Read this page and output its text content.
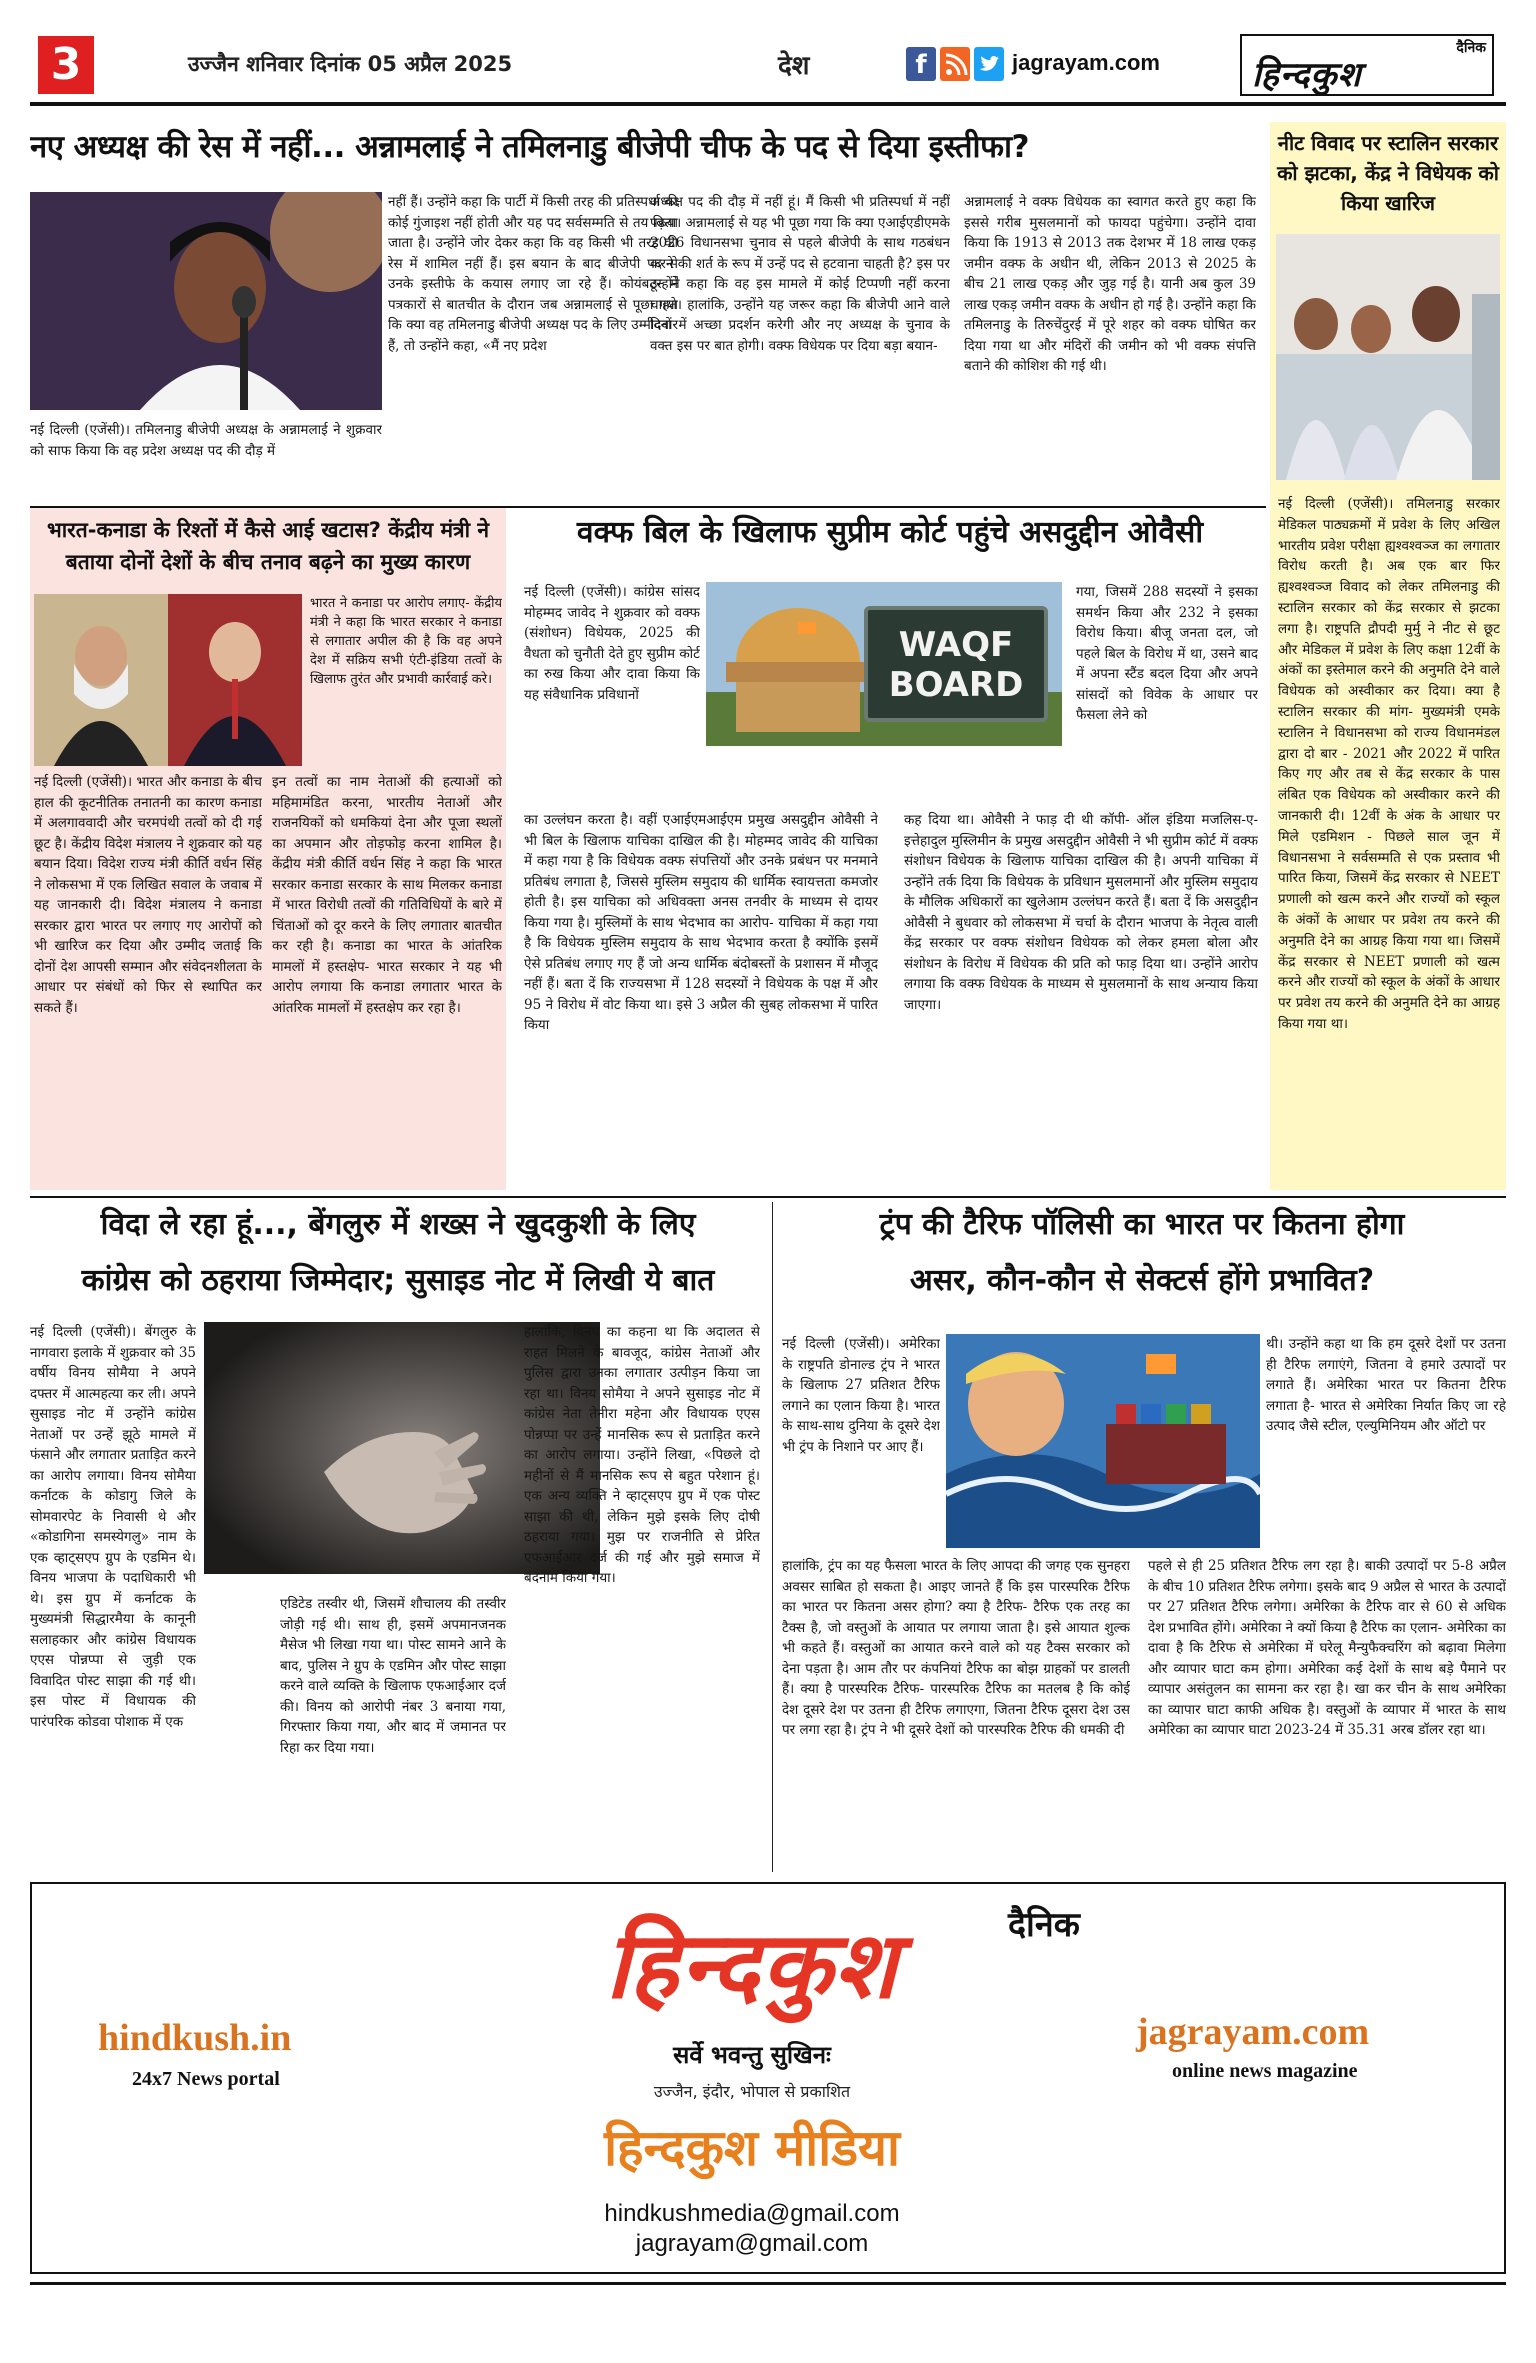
3	उज्जैन शनिवार दिनांक 05 अप्रैल 2025	देश	f	jagrayam.com
दैनिक
हिन्दकुश
नए अध्यक्ष की रेस में नहीं... अन्नामलाई ने तमिलनाडु बीजेपी चीफ के पद से दिया इस्तीफा?
नई दिल्ली (एजेंसी)। तमिलनाडु बीजेपी अध्यक्ष के अन्नामलाई ने शुक्रवार को साफ किया कि वह प्रदेश अध्यक्ष पद की दौड़ में
नहीं हैं। उन्होंने कहा कि पार्टी में किसी तरह की प्रतिस्पर्धा की कोई गुंजाइश नहीं होती और यह पद सर्वसम्मति से तय किया जाता है। उन्होंने जोर देकर कहा कि वह किसी भी तरह की रेस में शामिल नहीं हैं। इस बयान के बाद बीजेपी पद से उनके इस्तीफे के कयास लगाए जा रहे हैं। कोयंबटूर में पत्रकारों से बातचीत के दौरान जब अन्नामलाई से पूछा गया कि क्या वह तमिलनाडु बीजेपी अध्यक्ष पद के लिए उम्मीदवार हैं, तो उन्होंने कहा, «मैं नए प्रदेश
अध्यक्ष पद की दौड़ में नहीं हूं। मैं किसी भी प्रतिस्पर्धा में नहीं पड़ता। अन्नामलाई से यह भी पूछा गया कि क्या एआईएडीएमके 2026 विधानसभा चुनाव से पहले बीजेपी के साथ गठबंधन करने की शर्त के रूप में उन्हें पद से हटवाना चाहती है? इस पर उन्होंने कहा कि वह इस मामले में कोई टिप्पणी नहीं करना चाहते। हालांकि, उन्होंने यह जरूर कहा कि बीजेपी आने वाले दिनों में अच्छा प्रदर्शन करेगी और नए अध्यक्ष के चुनाव के वक्त इस पर बात होगी। वक्फ विधेयक पर दिया बड़ा बयान-
अन्नामलाई ने वक्फ विधेयक का स्वागत करते हुए कहा कि इससे गरीब मुसलमानों को फायदा पहुंचेगा। उन्होंने दावा किया कि 1913 से 2013 तक देशभर में 18 लाख एकड़ जमीन वक्फ के अधीन थी, लेकिन 2013 से 2025 के बीच 21 लाख एकड़ और जुड़ गई है। यानी अब कुल 39 लाख एकड़ जमीन वक्फ के अधीन हो गई है। उन्होंने कहा कि तमिलनाडु के तिरुचेंदुरई में पूरे शहर को वक्फ घोषित कर दिया गया था और मंदिरों की जमीन को भी वक्फ संपत्ति बताने की कोशिश की गई थी।
नीट विवाद पर स्टालिन सरकार को झटका, केंद्र ने विधेयक को किया खारिज
नई दिल्ली (एजेंसी)। तमिलनाडु सरकार मेडिकल पाठ्यक्रमों में प्रवेश के लिए अखिल भारतीय प्रवेश परीक्षा ह्यश्वश्वञ्ज का लगातार विरोध करती है। अब एक बार फिर ह्यश्वश्वञ्ज विवाद को लेकर तमिलनाडु की स्टालिन सरकार को केंद्र सरकार से झटका लगा है। राष्ट्रपति द्रौपदी मुर्मु ने नीट से छूट और मेडिकल में प्रवेश के लिए कक्षा 12वीं के अंकों का इस्तेमाल करने की अनुमति देने वाले विधेयक को अस्वीकार कर दिया। क्या है स्टालिन सरकार की मांग- मुख्यमंत्री एमके स्टालिन ने विधानसभा को राज्य विधानमंडल द्वारा दो बार - 2021 और 2022 में पारित किए गए और तब से केंद्र सरकार के पास लंबित एक विधेयक को अस्वीकार करने की जानकारी दी। 12वीं के अंक के आधार पर मिले एडमिशन - पिछले साल जून में विधानसभा ने सर्वसम्मति से एक प्रस्ताव भी पारित किया, जिसमें केंद्र सरकार से NEET प्रणाली को खत्म करने और राज्यों को स्कूल के अंकों के आधार पर प्रवेश तय करने की अनुमति देने का आग्रह किया गया था। जिसमें केंद्र सरकार से NEET प्रणाली को खत्म करने और राज्यों को स्कूल के अंकों के आधार पर प्रवेश तय करने की अनुमति देने का आग्रह किया गया था।
भारत-कनाडा के रिश्तों में कैसे आई खटास? केंद्रीय मंत्री ने बताया दोनों देशों के बीच तनाव बढ़ने का मुख्य कारण
भारत ने कनाडा पर आरोप लगाए- केंद्रीय मंत्री ने कहा कि भारत सरकार ने कनाडा से लगातार अपील की है कि वह अपने देश में सक्रिय सभी एंटी-इंडिया तत्वों के खिलाफ तुरंत और प्रभावी कार्रवाई करे।
नई दिल्ली (एजेंसी)। भारत और कनाडा के बीच हाल की कूटनीतिक तनातनी का कारण कनाडा में अलगाववादी और चरमपंथी तत्वों को दी गई छूट है। केंद्रीय विदेश मंत्रालय ने शुक्रवार को यह बयान दिया। विदेश राज्य मंत्री कीर्ति वर्धन सिंह ने लोकसभा में एक लिखित सवाल के जवाब में यह जानकारी दी। विदेश मंत्रालय ने कनाडा सरकार द्वारा भारत पर लगाए गए आरोपों को भी खारिज कर दिया और उम्मीद जताई कि दोनों देश आपसी सम्मान और संवेदनशीलता के आधार पर संबंधों को फिर से स्थापित कर सकते हैं।
इन तत्वों का नाम नेताओं की हत्याओं को महिमामंडित करना, भारतीय नेताओं और राजनयिकों को धमकियां देना और पूजा स्थलों का अपमान और तोड़फोड़ करना शामिल है। केंद्रीय मंत्री कीर्ति वर्धन सिंह ने कहा कि भारत सरकार कनाडा सरकार के साथ मिलकर कनाडा में भारत विरोधी तत्वों की गतिविधियों के बारे में चिंताओं को दूर करने के लिए लगातार बातचीत कर रही है। कनाडा का भारत के आंतरिक मामलों में हस्तक्षेप- भारत सरकार ने यह भी आरोप लगाया कि कनाडा लगातार भारत के आंतरिक मामलों में हस्तक्षेप कर रहा है।
वक्फ बिल के खिलाफ सुप्रीम कोर्ट पहुंचे असदुद्दीन ओवैसी
नई दिल्ली (एजेंसी)। कांग्रेस सांसद मोहम्मद जावेद ने शुक्रवार को वक्फ (संशोधन) विधेयक, 2025 की वैधता को चुनौती देते हुए सुप्रीम कोर्ट का रुख किया और दावा किया कि यह संवैधानिक प्रविधानों
WAQF
BOARD
गया, जिसमें 288 सदस्यों ने इसका समर्थन किया और 232 ने इसका विरोध किया। बीजू जनता दल, जो पहले बिल के विरोध में था, उसने बाद में अपना स्टैंड बदल दिया और अपने सांसदों को विवेक के आधार पर फैसला लेने को
का उल्लंघन करता है। वहीं एआईएमआईएम प्रमुख असदुद्दीन ओवैसी ने भी बिल के खिलाफ याचिका दाखिल की है। मोहम्मद जावेद की याचिका में कहा गया है कि विधेयक वक्फ संपत्तियों और उनके प्रबंधन पर मनमाने प्रतिबंध लगाता है, जिससे मुस्लिम समुदाय की धार्मिक स्वायत्तता कमजोर होती है। इस याचिका को अधिवक्ता अनस तनवीर के माध्यम से दायर किया गया है। मुस्लिमों के साथ भेदभाव का आरोप- याचिका में कहा गया है कि विधेयक मुस्लिम समुदाय के साथ भेदभाव करता है क्योंकि इसमें ऐसे प्रतिबंध लगाए गए हैं जो अन्य धार्मिक बंदोबस्तों के प्रशासन में मौजूद नहीं हैं। बता दें कि राज्यसभा में 128 सदस्यों ने विधेयक के पक्ष में और 95 ने विरोध में वोट किया था। इसे 3 अप्रैल की सुबह लोकसभा में पारित किया
कह दिया था। ओवैसी ने फाड़ दी थी कॉपी- ऑल इंडिया मजलिस-ए-इत्तेहादुल मुस्लिमीन के प्रमुख असदुद्दीन ओवैसी ने भी सुप्रीम कोर्ट में वक्फ संशोधन विधेयक के खिलाफ याचिका दाखिल की है। अपनी याचिका में उन्होंने तर्क दिया कि विधेयक के प्रविधान मुसलमानों और मुस्लिम समुदाय के मौलिक अधिकारों का खुलेआम उल्लंघन करते हैं। बता दें कि असदुद्दीन ओवैसी ने बुधवार को लोकसभा में चर्चा के दौरान भाजपा के नेतृत्व वाली केंद्र सरकार पर वक्फ संशोधन विधेयक को लेकर हमला बोला और संशोधन के विरोध में विधेयक की प्रति को फाड़ दिया था। उन्होंने आरोप लगाया कि वक्फ विधेयक के माध्यम से मुसलमानों के साथ अन्याय किया जाएगा।
विदा ले रहा हूं..., बेंगलुरु में शख्स ने खुदकुशी के लिए
कांग्रेस को ठहराया जिम्मेदार; सुसाइड नोट में लिखी ये बात
नई दिल्ली (एजेंसी)। बेंगलुरु के नागवारा इलाके में शुक्रवार को 35 वर्षीय विनय सोमैया ने अपने दफ्तर में आत्महत्या कर ली। अपने सुसाइड नोट में उन्होंने कांग्रेस नेताओं पर उन्हें झूठे मामले में फंसाने और लगातार प्रताड़ित करने का आरोप लगाया। विनय सोमैया कर्नाटक के कोडागु जिले के सोमवारपेट के निवासी थे और «कोडागिना समस्येगलु» नाम के एक व्हाट्सएप ग्रुप के एडमिन थे। विनय भाजपा के पदाधिकारी भी थे। इस ग्रुप में कर्नाटक के मुख्यमंत्री सिद्धारमैया के कानूनी सलाहकार और कांग्रेस विधायक एएस पोन्नप्पा से जुड़ी एक विवादित पोस्ट साझा की गई थी। इस पोस्ट में विधायक की पारंपरिक कोडवा पोशाक में एक
एडिटेड तस्वीर थी, जिसमें शौचालय की तस्वीर जोड़ी गई थी। साथ ही, इसमें अपमानजनक मैसेज भी लिखा गया था। पोस्ट सामने आने के बाद, पुलिस ने ग्रुप के एडमिन और पोस्ट साझा करने वाले व्यक्ति के खिलाफ एफआईआर दर्ज की। विनय को आरोपी नंबर 3 बनाया गया, गिरफ्तार किया गया, और बाद में जमानत पर रिहा कर दिया गया।
हालांकि, विनय का कहना था कि अदालत से राहत मिलने के बावजूद, कांग्रेस नेताओं और पुलिस द्वारा उनका लगातार उत्पीड़न किया जा रहा था। विनय सोमैया ने अपने सुसाइड नोट में कांग्रेस नेता तेनीरा महेना और विधायक एएस पोन्नप्पा पर उन्हें मानसिक रूप से प्रताड़ित करने का आरोप लगाया। उन्होंने लिखा, «पिछले दो महीनों से मैं मानसिक रूप से बहुत परेशान हूं। एक अन्य व्यक्ति ने व्हाट्सएप ग्रुप में एक पोस्ट साझा की थी, लेकिन मुझे इसके लिए दोषी ठहराया गया। मुझ पर राजनीति से प्रेरित एफआईआर दर्ज की गई और मुझे समाज में बदनाम किया गया।
ट्रंप की टैरिफ पॉलिसी का भारत पर कितना होगा
असर, कौन-कौन से सेक्टर्स होंगे प्रभावित?
नई दिल्ली (एजेंसी)। अमेरिका के राष्ट्रपति डोनाल्ड ट्रंप ने भारत के खिलाफ 27 प्रतिशत टैरिफ लगाने का एलान किया है। भारत के साथ-साथ दुनिया के दूसरे देश भी ट्रंप के निशाने पर आए हैं।
हालांकि, ट्रंप का यह फैसला भारत के लिए आपदा की जगह एक सुनहरा अवसर साबित हो सकता है। आइए जानते हैं कि इस पारस्परिक टैरिफ का भारत पर कितना असर होगा? क्या है टैरिफ- टैरिफ एक तरह का टैक्स है, जो वस्तुओं के आयात पर लगाया जाता है। इसे आयात शुल्क भी कहते हैं। वस्तुओं का आयात करने वाले को यह टैक्स सरकार को देना पड़ता है। आम तौर पर कंपनियां टैरिफ का बोझ ग्राहकों पर डालती हैं। क्या है पारस्परिक टैरिफ- पारस्परिक टैरिफ का मतलब है कि कोई देश दूसरे देश पर उतना ही टैरिफ लगाएगा, जितना टैरिफ दूसरा देश उस पर लगा रहा है। ट्रंप ने भी दूसरे देशों को पारस्परिक टैरिफ की धमकी दी
थी। उन्होंने कहा था कि हम दूसरे देशों पर उतना ही टैरिफ लगाएंगे, जितना वे हमारे उत्पादों पर लगाते हैं। अमेरिका भारत पर कितना टैरिफ लगाता है- भारत से अमेरिका निर्यात किए जा रहे उत्पाद जैसे स्टील, एल्युमिनियम और ऑटो पर
पहले से ही 25 प्रतिशत टैरिफ लग रहा है। बाकी उत्पादों पर 5-8 अप्रैल के बीच 10 प्रतिशत टैरिफ लगेगा। इसके बाद 9 अप्रैल से भारत के उत्पादों पर 27 प्रतिशत टैरिफ लगेगा। अमेरिका के टैरिफ वार से 60 से अधिक देश प्रभावित होंगे। अमेरिका ने क्यों किया है टैरिफ का एलान- अमेरिका का दावा है कि टैरिफ से अमेरिका में घरेलू मैन्युफैक्चरिंग को बढ़ावा मिलेगा और व्यापार घाटा कम होगा। अमेरिका कई देशों के साथ बड़े पैमाने पर व्यापार असंतुलन का सामना कर रहा है। खा कर चीन के साथ अमेरिका का व्यापार घाटा काफी अधिक है। वस्तुओं के व्यापार में भारत के साथ अमेरिका का व्यापार घाटा 2023-24 में 35.31 अरब डॉलर रहा था।
दैनिक
हिन्दकुश
सर्वे भवन्तु सुखिनः
उज्जैन, इंदौर, भोपाल से प्रकाशित
हिन्दकुश मीडिया
hindkush.in
24x7 News portal
jagrayam.com
online news magazine
hindkushmedia@gmail.com
jagrayam@gmail.com
